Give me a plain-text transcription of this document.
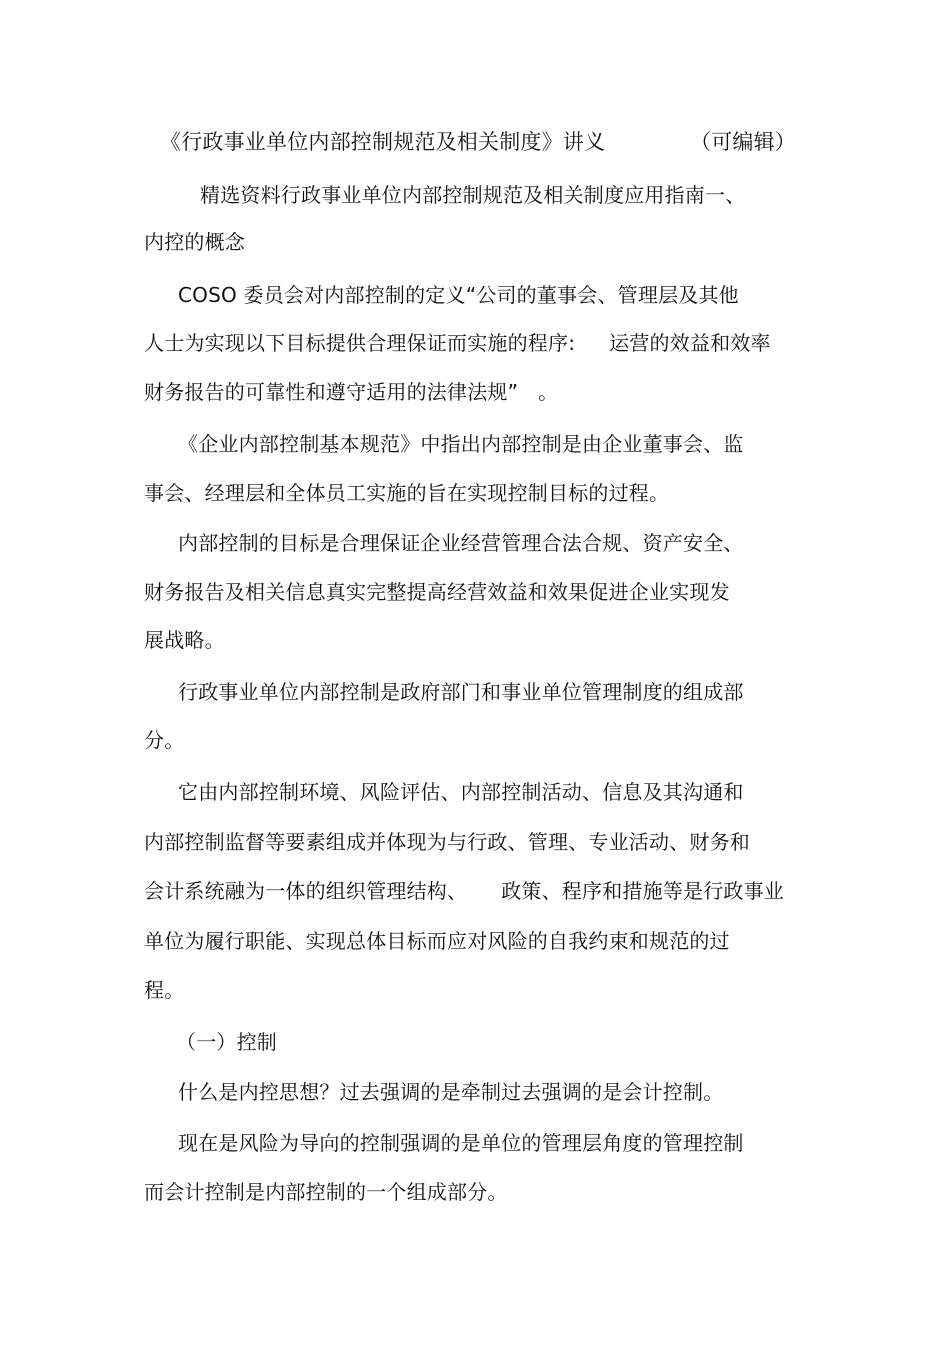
《行政事业单位内部控制规范及相关制度》讲义	（可编辑）
精选资料行政事业单位内部控制规范及相关制度应用指南一、
内控的概念
COSO 委员会对内部控制的定义“公司的董事会、管理层及其他
人士为实现以下目标提供合理保证而实施的程序: 运营的效益和效率
财务报告的可靠性和遵守适用的法律法规” 。
《企业内部控制基本规范》中指出内部控制是由企业董事会、监
事会、经理层和全体员工实施的旨在实现控制目标的过程。
内部控制的目标是合理保证企业经营管理合法合规、资产安全、
财务报告及相关信息真实完整提高经营效益和效果促进企业实现发
展战略。
行政事业单位内部控制是政府部门和事业单位管理制度的组成部
分。
它由内部控制环境、风险评估、内部控制活动、信息及其沟通和
内部控制监督等要素组成并体现为与行政、管理、专业活动、财务和
会计系统融为一体的组织管理结构、 政策、程序和措施等是行政事业
单位为履行职能、实现总体目标而应对风险的自我约束和规范的过
程。
（一）控制
什么是内控思想？过去强调的是牵制过去强调的是会计控制。
现在是风险为导向的控制强调的是单位的管理层角度的管理控制
而会计控制是内部控制的一个组成部分。
